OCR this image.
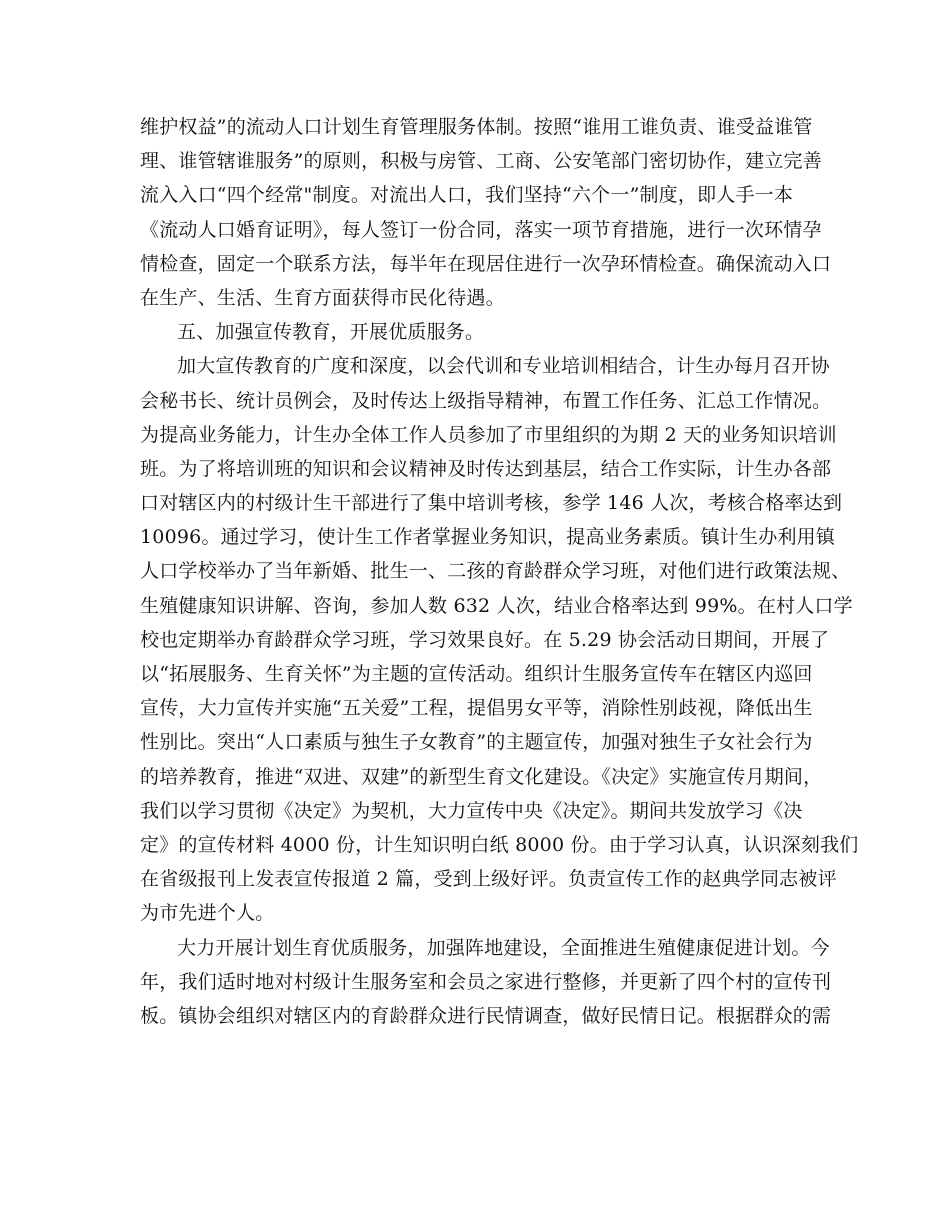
维护权益”的流动人口计划生育管理服务体制。按照“谁用工谁负责、谁受益谁管
理、谁管辖谁服务”的原则，积极与房管、工商、公安笔部门密切协作，建立完善
流入入口“四个经常"制度。对流出人口，我们坚持“六个一”制度，即人手一本
《流动人口婚育证明》，每人签订一份合同，落实一项节育措施，进行一次环情孕
情检查，固定一个联系方法，每半年在现居住进行一次孕环情检查。确保流动入口
在生产、生活、生育方面获得市民化待遇。
五、加强宣传教育，开展优质服务。
加大宣传教育的广度和深度，以会代训和专业培训相结合，计生办每月召开协
会秘书长、统计员例会，及时传达上级指导精神，布置工作任务、汇总工作情况。
为提高业务能力，计生办全体工作人员参加了市里组织的为期 2 天的业务知识培训
班。为了将培训班的知识和会议精神及时传达到基层，结合工作实际，计生办各部
口对辖区内的村级计生干部进行了集中培训考核，参学 146 人次，考核合格率达到
10096。通过学习，使计生工作者掌握业务知识，提高业务素质。镇计生办利用镇
人口学校举办了当年新婚、批生一、二孩的育龄群众学习班，对他们进行政策法规、
生殖健康知识讲解、咨询，参加人数 632 人次，结业合格率达到 99%。在村人口学
校也定期举办育龄群众学习班，学习效果良好。在 5.29 协会活动日期间，开展了
以“拓展服务、生育关怀”为主题的宣传活动。组织计生服务宣传车在辖区内巡回
宣传，大力宣传并实施“五关爱”工程，提倡男女平等，消除性别歧视，降低出生
性别比。突出“人口素质与独生子女教育”的主题宣传，加强对独生子女社会行为
的培养教育，推进“双进、双建”的新型生育文化建设。《决定》实施宣传月期间，
我们以学习贯彻《决定》为契机，大力宣传中央《决定》。期间共发放学习《决
定》的宣传材料 4000 份，计生知识明白纸 8000 份。由于学习认真，认识深刻我们
在省级报刊上发表宣传报道 2 篇，受到上级好评。负责宣传工作的赵典学同志被评
为市先进个人。
大力开展计划生育优质服务，加强阵地建设，全面推进生殖健康促进计划。今
年，我们适时地对村级计生服务室和会员之家进行整修，并更新了四个村的宣传刊
板。镇协会组织对辖区内的育龄群众进行民情调查，做好民情日记。根据群众的需
